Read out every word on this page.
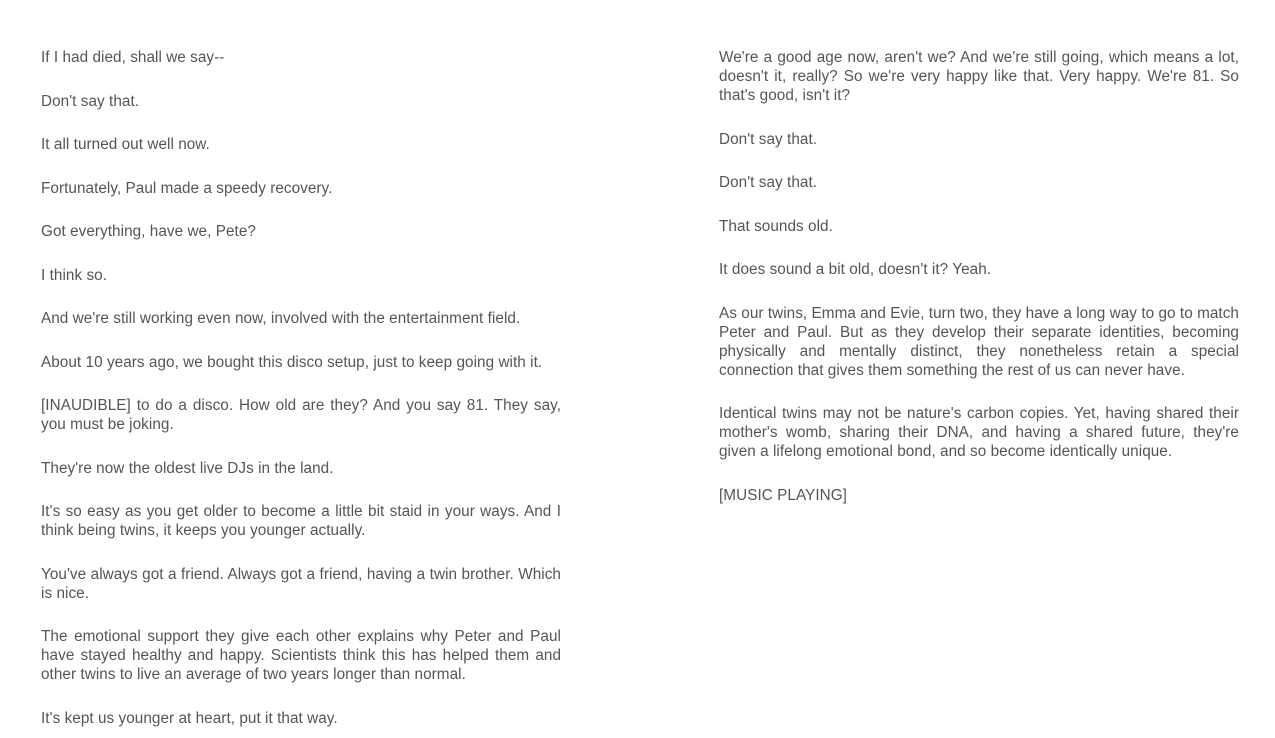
If I had died, shall we say--

Don't say that.

It all turned out well now.

Fortunately, Paul made a speedy recovery.

Got everything, have we, Pete?

I think so.

And we're still working even now, involved with the entertainment field.

About 10 years ago, we bought this disco setup, just to keep going with it.

[INAUDIBLE] to do a disco. How old are they? And you say 81. They say, you must be joking.

They're now the oldest live DJs in the land.

It's so easy as you get older to become a little bit staid in your ways. And I think being twins, it keeps you younger actually.

You've always got a friend. Always got a friend, having a twin brother. Which is nice.

The emotional support they give each other explains why Peter and Paul have stayed healthy and happy. Scientists think this has helped them and other twins to live an average of two years longer than normal.

It's kept us younger at heart, put it that way.

We're a good age now, aren't we? And we're still going, which means a lot, doesn't it, really? So we're very happy like that. Very happy. We're 81. So that's good, isn't it?

Don't say that.

Don't say that.

That sounds old.

It does sound a bit old, doesn't it? Yeah.

As our twins, Emma and Evie, turn two, they have a long way to go to match Peter and Paul. But as they develop their separate identities, becoming physically and mentally distinct, they nonetheless retain a special connection that gives them something the rest of us can never have.

Identical twins may not be nature's carbon copies. Yet, having shared their mother's womb, sharing their DNA, and having a shared future, they're given a lifelong emotional bond, and so become identically unique.

[MUSIC PLAYING]
